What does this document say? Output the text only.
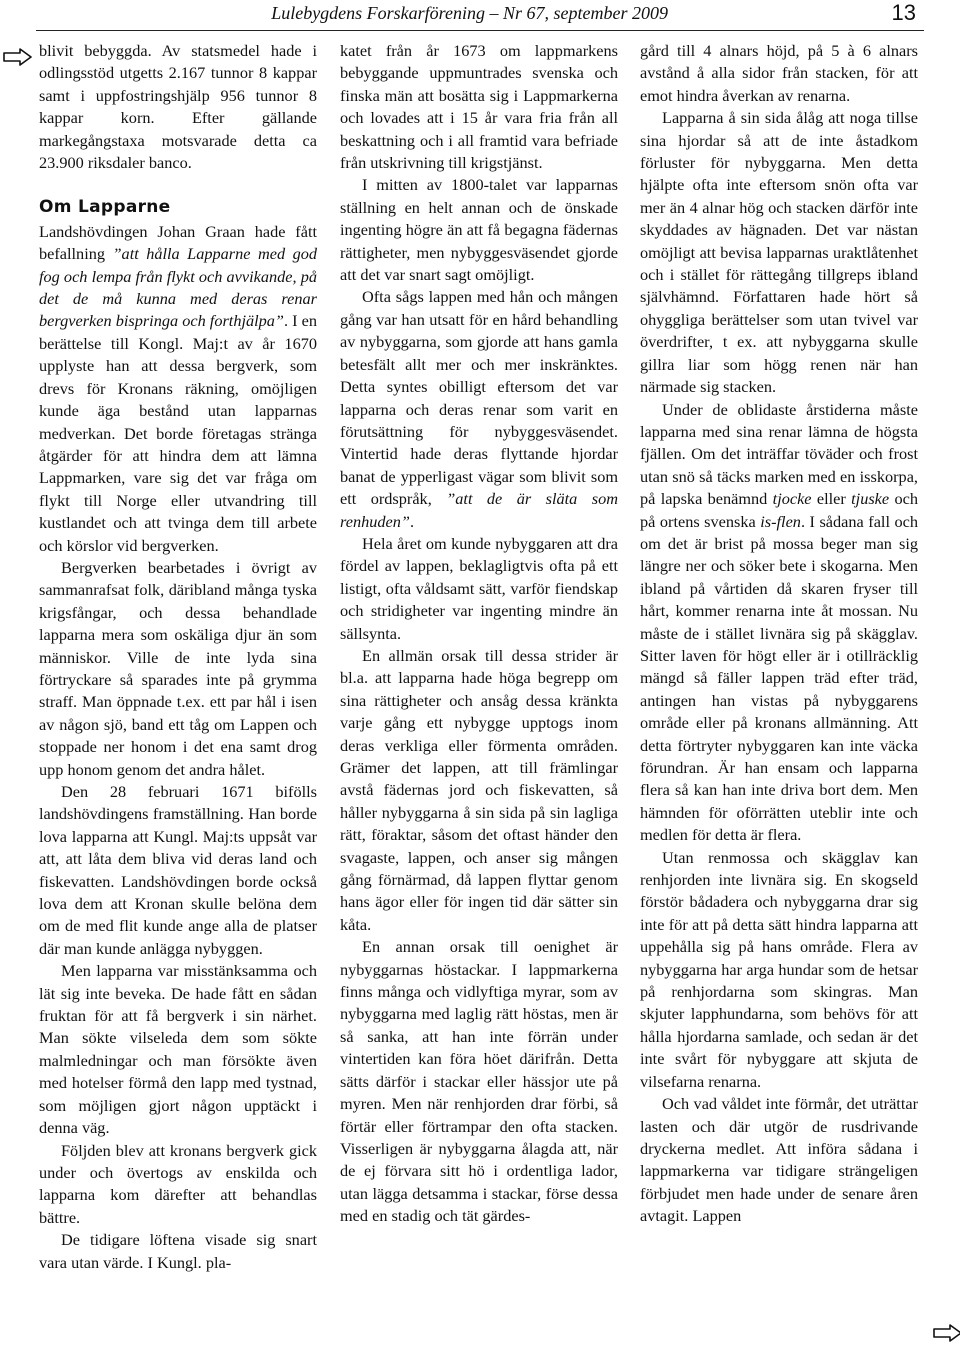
Lulebygdens Forskarförening – Nr 67, september 2009	13

blivit bebyggda. Av statsmedel hade i odlingsstöd utgetts 2.167 tunnor 8 kappar samt i uppfostringshjälp 956 tunnor 8 kappar korn. Efter gällande markegångstaxa motsvarade detta ca 23.900 riksdaler banco.

Om Lapparne

Landshövdingen Johan Graan hade fått befallning ”att hålla Lapparne med god fog och lempa från flykt och avvikande, på det de må kunna med deras renar bergverken bispringa och forthjälpa”. I en berättelse till Kongl. Maj:t av år 1670 upplyste han att dessa bergverk, som drevs för Kronans räkning, omöjligen kunde äga bestånd utan lapparnas medverkan. Det borde företagas stränga åtgärder för att hindra dem att lämna Lappmarken, vare sig det var fråga om flykt till Norge eller utvandring till kustlandet och att tvinga dem till arbete och körslor vid bergverken.

Bergverken bearbetades i övrigt av sammanrafsat folk, däribland många tyska krigsfångar, och dessa behandlade lapparna mera som oskäliga djur än som människor. Ville de inte lyda sina förtryckare så sparades inte på grymma straff. Man öppnade t.ex. ett par hål i isen av någon sjö, band ett tåg om Lappen och stoppade ner honom i det ena samt drog upp honom genom det andra hålet.

Den 28 februari 1671 bifölls landshövdingens framställning. Han borde lova lapparna att Kungl. Maj:ts uppsåt var att, att låta dem bliva vid deras land och fiskevatten. Landshövdingen borde också lova dem att Kronan skulle belöna dem om de med flit kunde ange alla de platser där man kunde anlägga nybyggen.

Men lapparna var misstänksamma och lät sig inte beveka. De hade fått en sådan fruktan för att få bergverk i sin närhet. Man sökte vilseleda dem som sökte malmledningar och man försökte även med hotelser förmå den lapp med tystnad, som möjligen gjort någon upptäckt i denna väg.

Följden blev att kronans bergverk gick under och övertogs av enskilda och lapparna kom därefter att behandlas bättre.

De tidigare löftena visade sig snart vara utan värde. I Kungl. pla-

katet från år 1673 om lappmarkens bebyggande uppmuntrades svenska och finska män att bosätta sig i Lappmarkerna och lovades att i 15 år vara fria från all beskattning och i all framtid vara befriade från utskrivning till krigstjänst.

I mitten av 1800-talet var lapparnas ställning en helt annan och de önskade ingenting högre än att få begagna fädernas rättigheter, men nybyggesväsendet gjorde att det var snart sagt omöjligt.

Ofta sågs lappen med hån och mången gång var han utsatt för en hård behandling av nybyggarna, som gjorde att hans gamla betesfält allt mer och mer inskränktes. Detta syntes obilligt eftersom det var lapparna och deras renar som varit en förutsättning för nybyggesväsendet. Vintertid hade deras flyttande hjordar banat de ypperligast vägar som blivit som ett ordspråk, ”att de är släta som renhuden”.

Hela året om kunde nybyggaren att dra fördel av lappen, beklagligtvis ofta på ett listigt, ofta våldsamt sätt, varför fiendskap och stridigheter var ingenting mindre än sällsynta.

En allmän orsak till dessa strider är bl.a. att lapparna hade höga begrepp om sina rättigheter och ansåg dessa kränkta varje gång ett nybygge upptogs inom deras verkliga eller förmenta områden. Grämer det lappen, att till främlingar avstå fädernas jord och fiskevatten, så håller nybyggarna å sin sida på sin lagliga rätt, föraktar, såsom det oftast händer den svagaste, lappen, och anser sig mången gång förnärmad, då lappen flyttar genom hans ägor eller för ingen tid där sätter sin kåta.

En annan orsak till oenighet är nybyggarnas höstackar. I lappmarkerna finns många och vidlyftiga myrar, som av nybyggarna med laglig rätt höstas, men är så sanka, att han inte förrän under vintertiden kan föra höet därifrån. Detta sätts därför i stackar eller hässjor ute på myren. Men när renhjorden drar förbi, så förtär eller förtrampar den ofta stacken. Visserligen är nybyggarna ålagda att, när de ej förvara sitt hö i ordentliga lador, utan lägga detsamma i stackar, förse dessa med en stadig och tät gärdes-

gård till 4 alnars höjd, på 5 à 6 alnars avstånd å alla sidor från stacken, för att emot hindra åverkan av renarna.

Lapparna å sin sida ålåg att noga tillse sina hjordar så att de inte åstadkom förluster för nybyggarna. Men detta hjälpte ofta inte eftersom snön ofta var mer än 4 alnar hög och stacken därför inte skyddades av hägnaden. Det var nästan omöjligt att bevisa lapparnas uraktlåtenhet och i stället för rättegång tillgreps ibland självhämnd. Författaren hade hört så ohyggliga berättelser som utan tvivel var överdrifter, t ex. att nybyggarna skulle gillra liar som högg renen när han närmade sig stacken.

Under de oblidaste årstiderna måste lapparna med sina renar lämna de högsta fjällen. Om det inträffar töväder och frost utan snö så täcks marken med en isskorpa, på lapska benämnd tjocke eller tjuske och på ortens svenska is-flen. I sådana fall och om det är brist på mossa beger man sig längre ner och söker bete i skogarna. Men ibland på vårtiden då skaren fryser till hårt, kommer renarna inte åt mossan. Nu måste de i stället livnära sig på skägglav. Sitter laven för högt eller är i otillräcklig mängd så fäller lappen träd efter träd, antingen han vistas på nybyggarens område eller på kronans allmänning. Att detta förtryter nybyggaren kan inte väcka förundran. Är han ensam och lapparna flera så kan han inte driva bort dem. Men hämnden för oförrätten uteblir inte och medlen för detta är flera.

Utan renmossa och skägglav kan renhjorden inte livnära sig. En skogseld förstör bådadera och nybyggarna drar sig inte för att på detta sätt hindra lapparna att uppehålla sig på hans område. Flera av nybyggarna har arga hundar som de hetsar på renhjordarna som skingras. Man skjuter lapphundarna, som behövs för att hålla hjordarna samlade, och sedan är det inte svårt för nybyggare att skjuta de vilsefarna renarna.

Och vad våldet inte förmår, det uträttar lasten och där utgör de rusdrivande dryckerna medlet. Att införa sådana i lappmarkerna var tidigare strängeligen förbjudet men hade under de senare åren avtagit. Lappen
